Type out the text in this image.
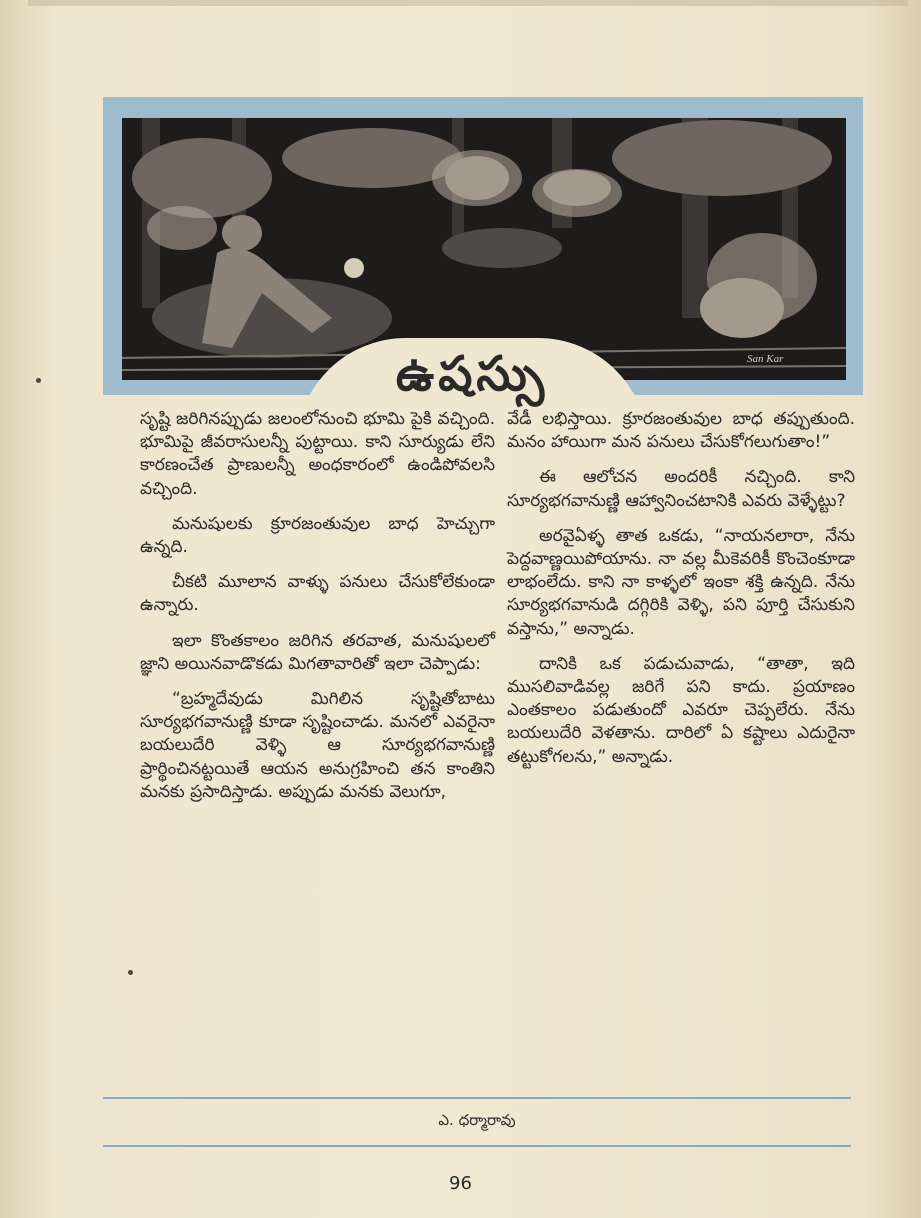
San Kar
ఉషస్సు

సృష్టి జరిగినప్పుడు జలంలోనుంచి భూమి పైకి వచ్చింది. భూమిపై జీవరాసులన్నీ పుట్టాయి. కాని సూర్యుడు లేని కారణంచేత ప్రాణులన్నీ అంధకారంలో ఉండిపోవలసి వచ్చింది.

మనుషులకు క్రూరజంతువుల బాధ హెచ్చుగా ఉన్నది.

చీకటి మూలాన వాళ్ళు పనులు చేసుకోలేకుండా ఉన్నారు.

ఇలా కొంతకాలం జరిగిన తరవాత, మనుషులలో జ్ఞాని అయినవాడొకడు మిగతావారితో ఇలా చెప్పాడు:

“బ్రహ్మదేవుడు మిగిలిన సృష్టితోబాటు సూర్యభగవానుణ్ణి కూడా సృష్టించాడు. మనలో ఎవరైనా బయలుదేరి వెళ్ళి ఆ సూర్యభగవానుణ్ణి ప్రార్థించినట్టయితే ఆయన అనుగ్రహించి తన కాంతిని మనకు ప్రసాదిస్తాడు. అప్పుడు మనకు వెలుగూ,

వేడీ లభిస్తాయి. క్రూరజంతువుల బాధ తప్పుతుంది. మనం హాయిగా మన పనులు చేసుకోగలుగుతాం!”

ఈ ఆలోచన అందరికీ నచ్చింది. కాని సూర్యభగవానుణ్ణి ఆహ్వానించటానికి ఎవరు వెళ్ళేట్టు?

అరవైఏళ్ళ తాత ఒకడు, “నాయనలారా, నేను పెద్దవాణ్ణయిపోయాను. నా వల్ల మీకెవరికీ కొంచెంకూడా లాభంలేదు. కాని నా కాళ్ళలో ఇంకా శక్తి ఉన్నది. నేను సూర్యభగవానుడి దగ్గిరికి వెళ్ళి, పని పూర్తి చేసుకుని వస్తాను,” అన్నాడు.

దానికి ఒక పడుచువాడు, “తాతా, ఇది ముసలివాడివల్ల జరిగే పని కాదు. ప్రయాణం ఎంతకాలం పడుతుందో ఎవరూ చెప్పలేరు. నేను బయలుదేరి వెళతాను. దారిలో ఏ కష్టాలు ఎదురైనా తట్టుకోగలను,” అన్నాడు.

ఎ. ధర్మారావు
96
